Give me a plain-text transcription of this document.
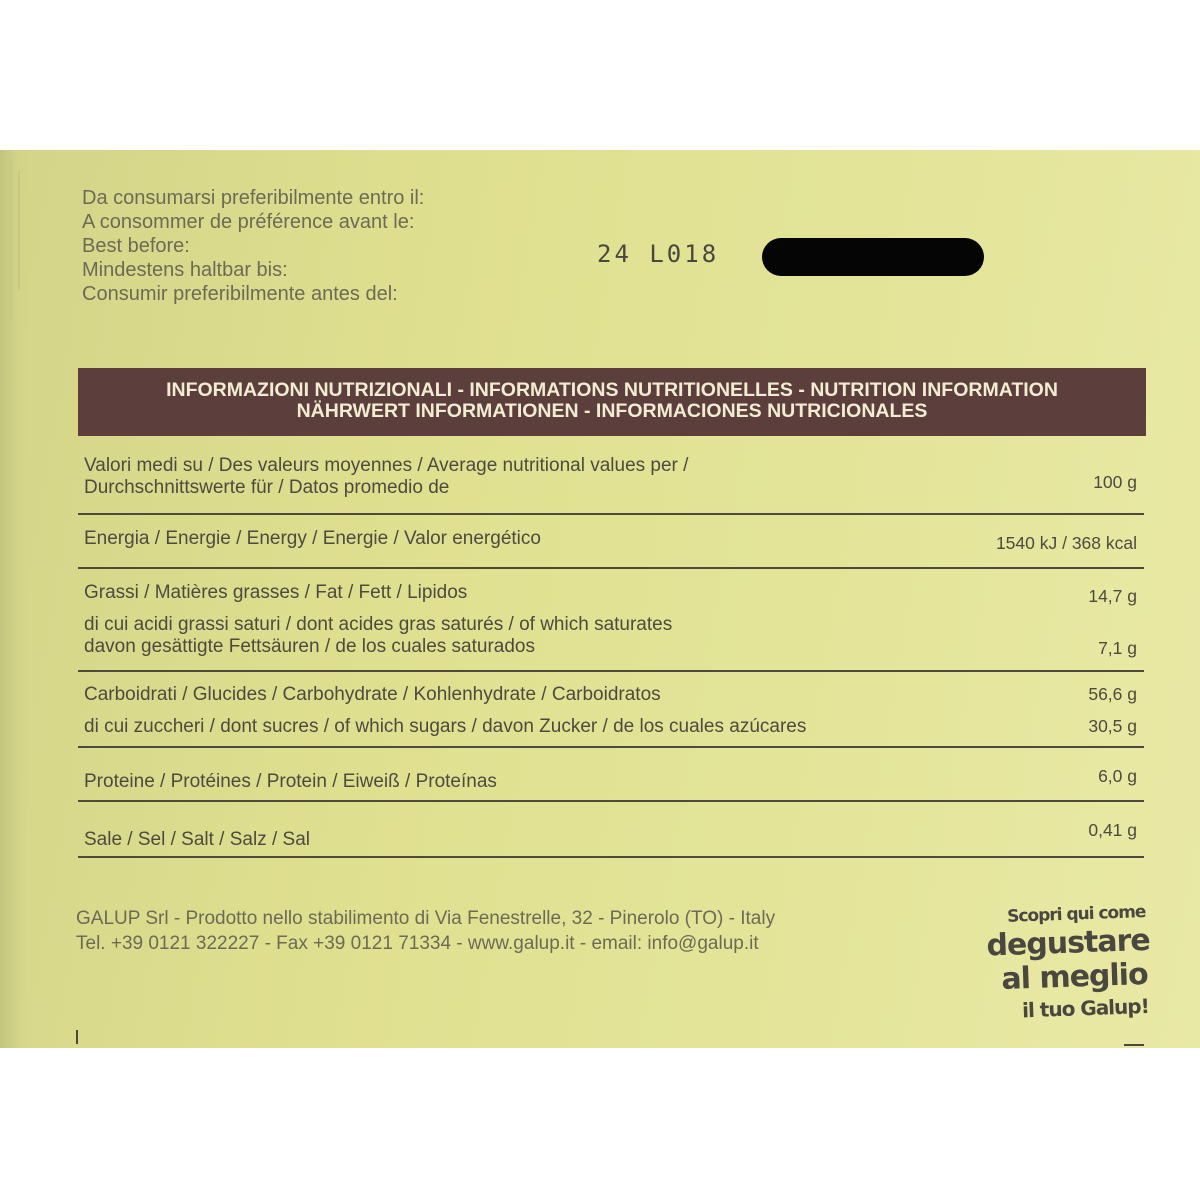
Da consumarsi preferibilmente entro il:
A consommer de préférence avant le:
Best before:
Mindestens haltbar bis:
Consumir preferibilmente antes del:
24 L018
INFORMAZIONI NUTRIZIONALI - INFORMATIONS NUTRITIONELLES - NUTRITION INFORMATION
NÄHRWERT INFORMATIONEN - INFORMACIONES NUTRICIONALES
Valori medi su / Des valeurs moyennes / Average nutritional values per /
Durchschnittswerte für / Datos promedio de	100 g
Energia / Energie / Energy / Energie / Valor energético	1540 kJ / 368 kcal
Grassi / Matières grasses / Fat / Fett / Lipidos	14,7 g
di cui acidi grassi saturi / dont acides gras saturés / of which saturates
davon gesättigte Fettsäuren / de los cuales saturados	7,1 g
Carboidrati / Glucides / Carbohydrate / Kohlenhydrate / Carboidratos	56,6 g
di cui zuccheri / dont sucres / of which sugars / davon Zucker / de los cuales azúcares	30,5 g
Proteine / Protéines / Protein / Eiweiß / Proteínas	6,0 g
Sale / Sel / Salt / Salz / Sal	0,41 g
GALUP Srl - Prodotto nello stabilimento di Via Fenestrelle, 32 - Pinerolo (TO) - Italy
Tel. +39 0121 322227 - Fax +39 0121 71334 - www.galup.it - email: info@galup.it
Scopri qui come
degustare
al meglio
il tuo Galup!
